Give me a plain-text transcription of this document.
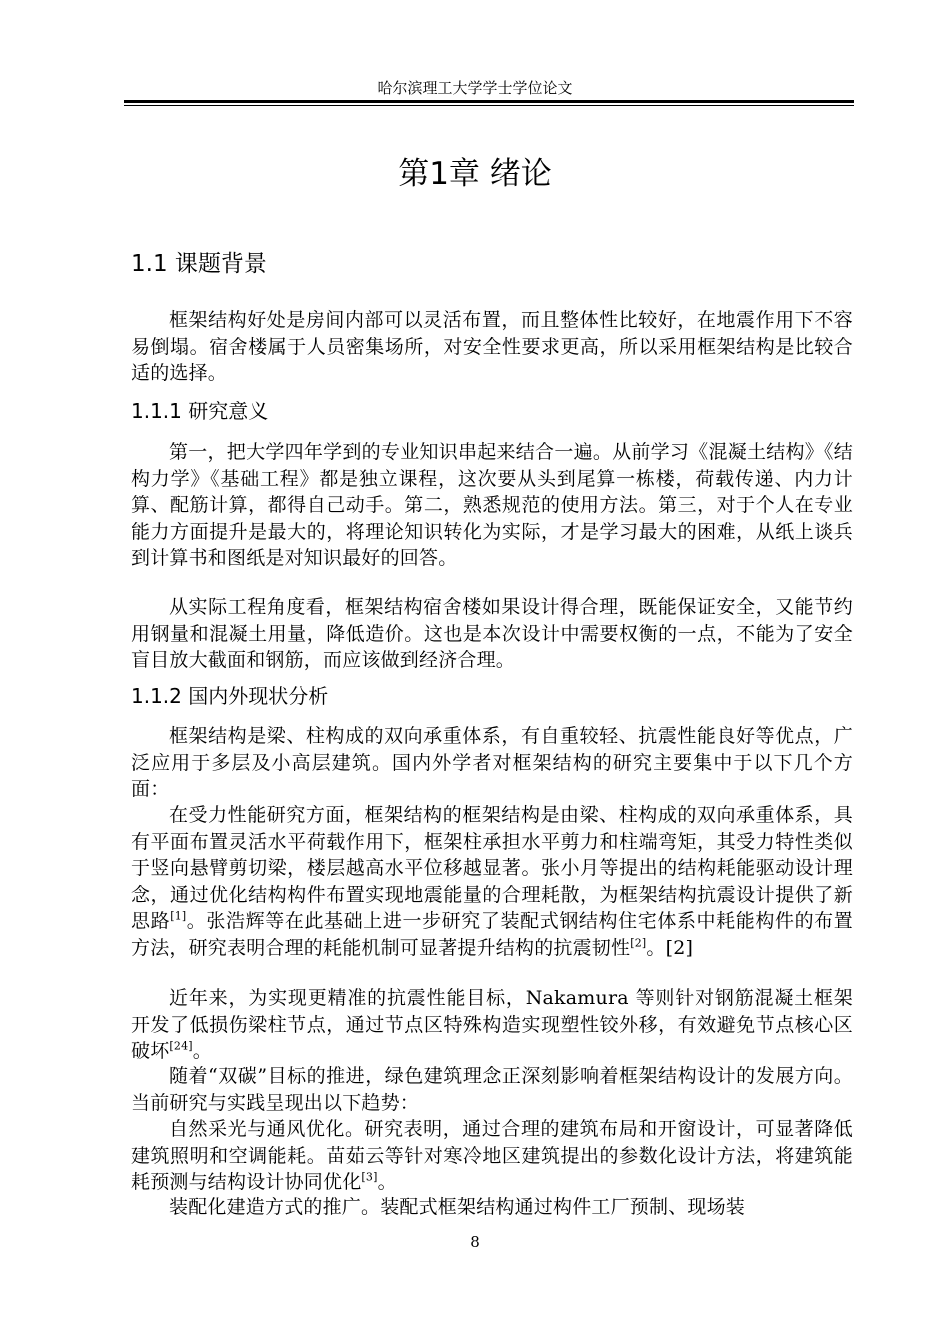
哈尔滨理工大学学士学位论文
第1章 绪论
1.1 课题背景

框架结构好处是房间内部可以灵活布置，而且整体性比较好，在地震作用下不容易倒塌。宿舍楼属于人员密集场所，对安全性要求更高，所以采用框架结构是比较合适的选择。

1.1.1 研究意义

第一，把大学四年学到的专业知识串起来结合一遍。从前学习《混凝土结构》《结构力学》《基础工程》都是独立课程，这次要从头到尾算一栋楼，荷载传递、内力计算、配筋计算，都得自己动手。第二，熟悉规范的使用方法。第三，对于个人在专业能力方面提升是最大的，将理论知识转化为实际，才是学习最大的困难，从纸上谈兵到计算书和图纸是对知识最好的回答。

从实际工程角度看，框架结构宿舍楼如果设计得合理，既能保证安全，又能节约用钢量和混凝土用量，降低造价。这也是本次设计中需要权衡的一点，不能为了安全盲目放大截面和钢筋，而应该做到经济合理。

1.1.2 国内外现状分析

框架结构是梁、柱构成的双向承重体系，有自重较轻、抗震性能良好等优点，广泛应用于多层及小高层建筑。国内外学者对框架结构的研究主要集中于以下几个方面：

在受力性能研究方面，框架结构的框架结构是由梁、柱构成的双向承重体系，具有平面布置灵活水平荷载作用下，框架柱承担水平剪力和柱端弯矩，其受力特性类似于竖向悬臂剪切梁，楼层越高水平位移越显著。张小月等提出的结构耗能驱动设计理念，通过优化结构构件布置实现地震能量的合理耗散，为框架结构抗震设计提供了新思路[1]。张浩辉等在此基础上进一步研究了装配式钢结构住宅体系中耗能构件的布置方法，研究表明合理的耗能机制可显著提升结构的抗震韧性[2]。[2]

近年来，为实现更精准的抗震性能目标，Nakamura 等则针对钢筋混凝土框架开发了低损伤梁柱节点，通过节点区特殊构造实现塑性铰外移，有效避免节点核心区破坏[24]。

随着“双碳”目标的推进，绿色建筑理念正深刻影响着框架结构设计的发展方向。当前研究与实践呈现出以下趋势：

自然采光与通风优化。研究表明，通过合理的建筑布局和开窗设计，可显著降低建筑照明和空调能耗。苗茹云等针对寒冷地区建筑提出的参数化设计方法，将建筑能耗预测与结构设计协同优化[3]。

装配化建造方式的推广。装配式框架结构通过构件工厂预制、现场装

8
